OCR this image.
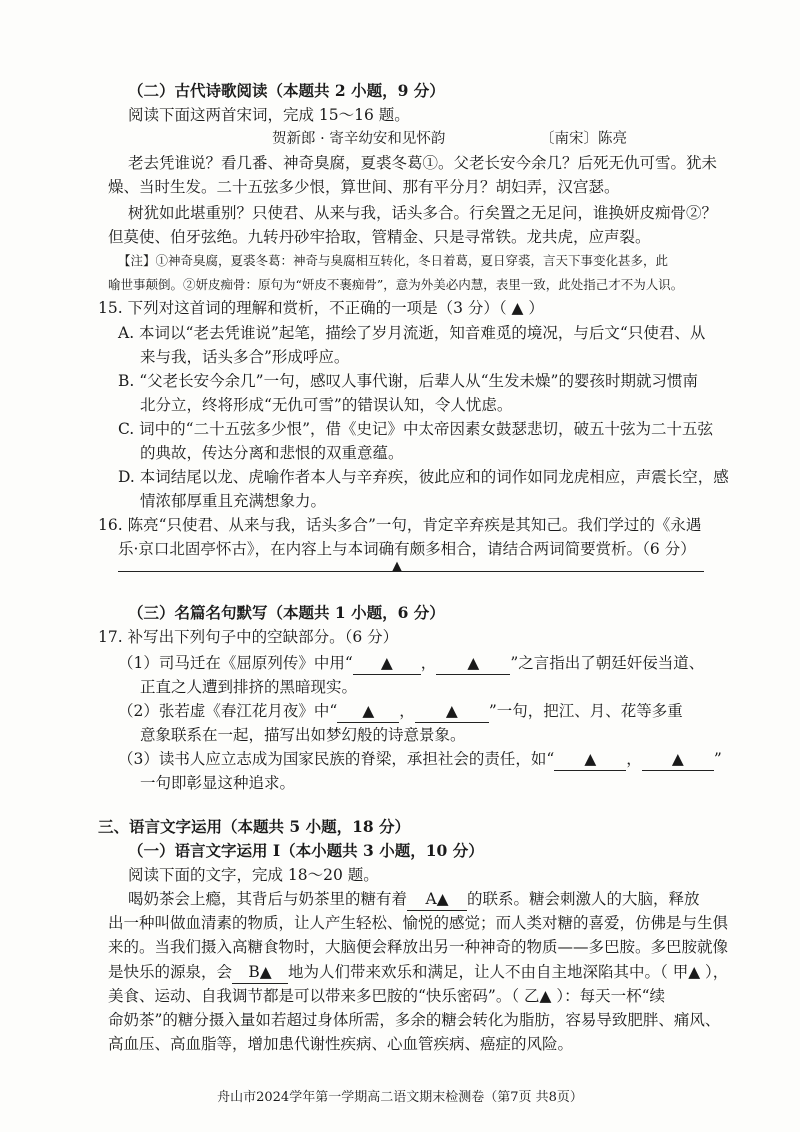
（二）古代诗歌阅读（本题共 2 小题，9 分）
阅读下面这两首宋词，完成 15～16 题。
贺新郎 · 寄辛幼安和见怀韵	〔南宋〕陈亮
老去凭谁说？看几番、神奇臭腐，夏裘冬葛①。父老长安今余几？后死无仇可雪。犹未
燥、当时生发。二十五弦多少恨，算世间、那有平分月？胡妇弄，汉宫瑟。
树犹如此堪重别？只使君、从来与我，话头多合。行矣置之无足问，谁换妍皮痴骨②？
但莫使、伯牙弦绝。九转丹砂牢拾取，管精金、只是寻常铁。龙共虎，应声裂。
【注】①神奇臭腐，夏裘冬葛：神奇与臭腐相互转化，冬日着葛，夏日穿裘，言天下事变化甚多，此
喻世事颠倒。②妍皮痴骨：原句为“妍皮不裹痴骨”，意为外美必内慧，表里一致，此处指己才不为人识。
15. 下列对这首词的理解和赏析，不正确的一项是（3 分）（ ▲ ）
A. 本词以“老去凭谁说”起笔，描绘了岁月流逝，知音难觅的境况，与后文“只使君、从
来与我，话头多合”形成呼应。
B. “父老长安今余几”一句，感叹人事代谢，后辈人从“生发未燥”的婴孩时期就习惯南
北分立，终将形成“无仇可雪”的错误认知，令人忧虑。
C. 词中的“二十五弦多少恨”，借《史记》中太帝因素女鼓瑟悲切，破五十弦为二十五弦
的典故，传达分离和悲恨的双重意蕴。
D. 本词结尾以龙、虎喻作者本人与辛弃疾，彼此应和的词作如同龙虎相应，声震长空，感
情浓郁厚重且充满想象力。
16. 陈亮“只使君、从来与我，话头多合”一句，肯定辛弃疾是其知己。我们学过的《永遇
乐·京口北固亭怀古》，在内容上与本词确有颇多相合，请结合两词简要赏析。（6 分）
▲
（三）名篇名句默写（本题共 1 小题，6 分）
17. 补写出下列句子中的空缺部分。（6 分）
（1）司马迁在《屈原列传》中用“ ▲ ， ▲ ”之言指出了朝廷奸佞当道、
正直之人遭到排挤的黑暗现实。
（2）张若虚《春江花月夜》中“ ▲ ， ▲ ”一句，把江、月、花等多重
意象联系在一起，描写出如梦幻般的诗意景象。
（3）读书人应立志成为国家民族的脊梁，承担社会的责任，如“ ▲ ， ▲ ”
一句即彰显这种追求。
三、语言文字运用（本题共 5 小题，18 分）
（一）语言文字运用 Ⅰ（本小题共 3 小题，10 分）
阅读下面的文字，完成 18～20 题。
喝奶茶会上瘾，其背后与奶茶里的糖有着 A▲ 的联系。糖会刺激人的大脑，释放
出一种叫做血清素的物质，让人产生轻松、愉悦的感觉；而人类对糖的喜爱，仿佛是与生俱
来的。当我们摄入高糖食物时，大脑便会释放出另一种神奇的物质——多巴胺。多巴胺就像
是快乐的源泉，会 B▲ 地为人们带来欢乐和满足，让人不由自主地深陷其中。（ 甲▲ ），
美食、运动、自我调节都是可以带来多巴胺的“快乐密码”。（ 乙▲ ）：每天一杯“续
命奶茶”的糖分摄入量如若超过身体所需，多余的糖会转化为脂肪，容易导致肥胖、痛风、
高血压、高血脂等，增加患代谢性疾病、心血管疾病、癌症的风险。
舟山市2024学年第一学期高二语文期末检测卷（第7页 共8页）
